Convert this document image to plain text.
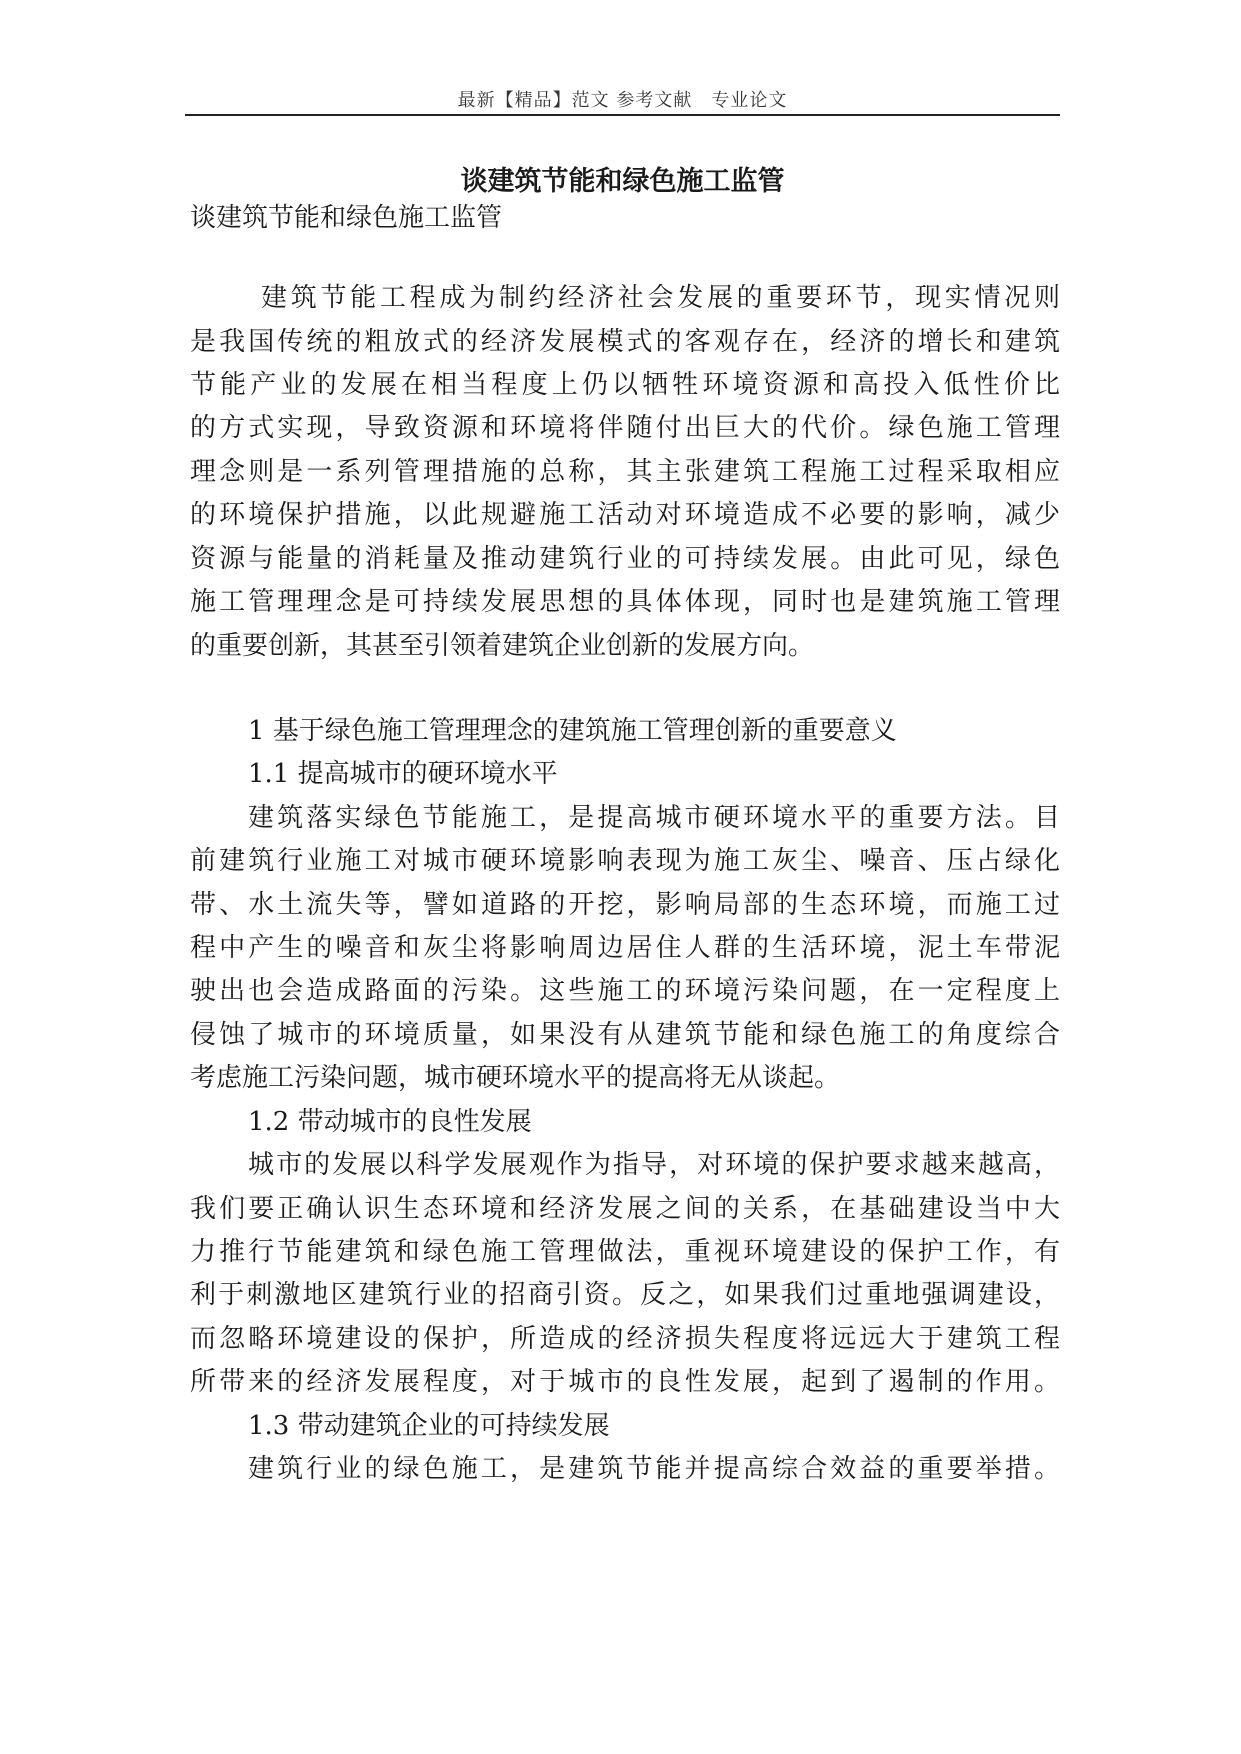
最新【精品】范文 参考文献　专业论文
谈建筑节能和绿色施工监管

谈建筑节能和绿色施工监管

建筑节能工程成为制约经济社会发展的重要环节，现实情况则

是我国传统的粗放式的经济发展模式的客观存在，经济的增长和建筑

节能产业的发展在相当程度上仍以牺牲环境资源和高投入低性价比

的方式实现，导致资源和环境将伴随付出巨大的代价。绿色施工管理

理念则是一系列管理措施的总称，其主张建筑工程施工过程采取相应

的环境保护措施，以此规避施工活动对环境造成不必要的影响，减少

资源与能量的消耗量及推动建筑行业的可持续发展。由此可见，绿色

施工管理理念是可持续发展思想的具体体现，同时也是建筑施工管理

的重要创新，其甚至引领着建筑企业创新的发展方向。

1 基于绿色施工管理理念的建筑施工管理创新的重要意义

1.1 提高城市的硬环境水平

建筑落实绿色节能施工，是提高城市硬环境水平的重要方法。目

前建筑行业施工对城市硬环境影响表现为施工灰尘、噪音、压占绿化

带、水土流失等，譬如道路的开挖，影响局部的生态环境，而施工过

程中产生的噪音和灰尘将影响周边居住人群的生活环境，泥土车带泥

驶出也会造成路面的污染。这些施工的环境污染问题，在一定程度上

侵蚀了城市的环境质量，如果没有从建筑节能和绿色施工的角度综合

考虑施工污染问题，城市硬环境水平的提高将无从谈起。

1.2 带动城市的良性发展

城市的发展以科学发展观作为指导，对环境的保护要求越来越高，

我们要正确认识生态环境和经济发展之间的关系，在基础建设当中大

力推行节能建筑和绿色施工管理做法，重视环境建设的保护工作，有

利于刺激地区建筑行业的招商引资。反之，如果我们过重地强调建设，

而忽略环境建设的保护，所造成的经济损失程度将远远大于建筑工程

所带来的经济发展程度，对于城市的良性发展，起到了遏制的作用。

1.3 带动建筑企业的可持续发展

建筑行业的绿色施工，是建筑节能并提高综合效益的重要举措。
